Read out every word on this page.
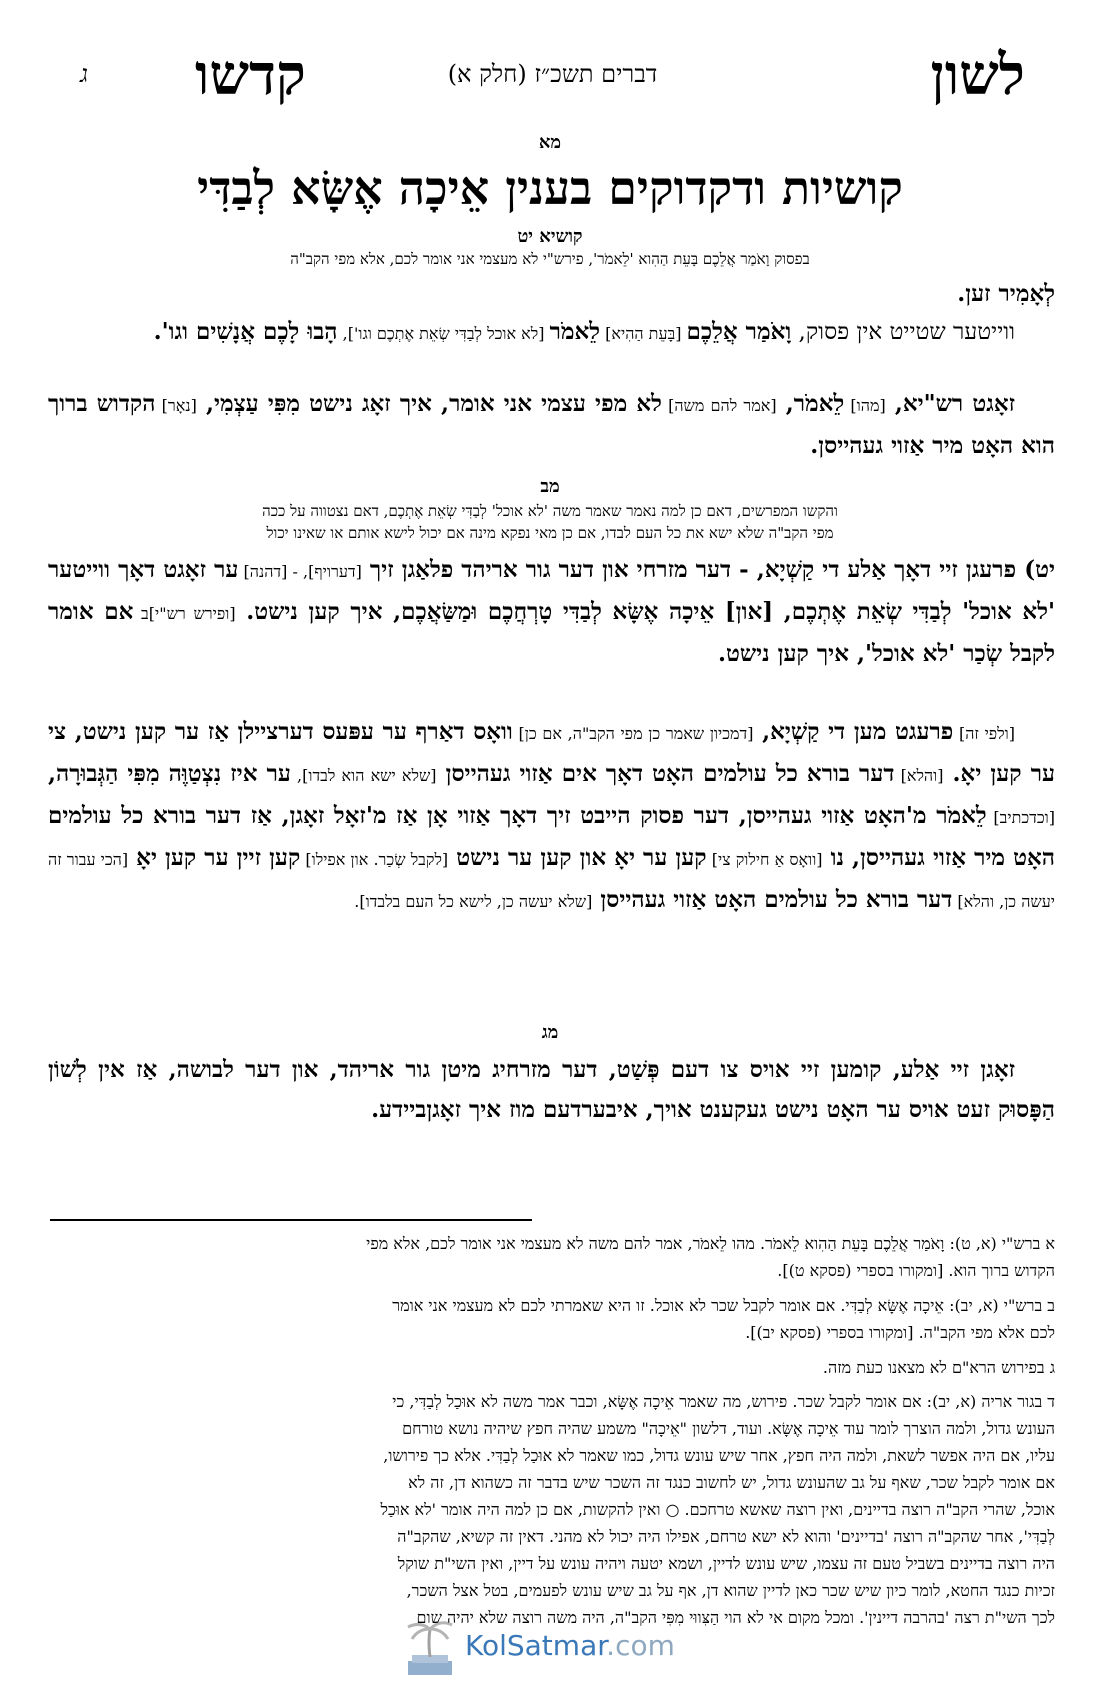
לשון
דברים תשכ״ז (חלק א)
קדשו
ג
מא
קושיות ודקדוקים בענין אֵיכָה אֶשָּׂא לְבַדִּי
קושיא יט
בפסוק וָאֹמַר אֲלֵכֶם בָּעֵת הַהִוא 'לֵאמֹר', פירש"י לא מעצמי אני אומר לכם, אלא מפי הקב"ה
לְאָמִיר זען.
ווייטער שטייט אין פסוק, וָאֹמַר אֲלֵכֶם [בָּעֵת הַהִיא] לֵאמֹר [לא אוכל לְבַדִּי שְׂאֵת אֶתְכֶם וגו'], הָבוּ לָכֶם אֲנָשִׁים וגו'.
זאָגט רש"יא, [מהו] לֵאמֹר, [אמר להם משה] לא מפי עצמי אני אומר, איך זאָג נישט מִפִּי עַצְמִי, [נאָר] הקדוש ברוך הוא האָט מיר אַזוי געהייסן.
מב
והקשו המפרשים, דאם כן למה נאמר שאמר משה 'לא אוכל' לְבַדִּי שְׂאֵת אֶתְכֶם, דאם נצטווה על ככה
מפי הקב"ה שלא ישא את כל העם לבדו, אם כן מאי נפקא מינה אם יכול לישא אותם או שאינו יכול
יט) פרעגן זיי דאָך אַלע די קַשְׁיָא, - דער מזרחי און דער גור אריהד פלאַגן זיך [דערויף], - [דהנה] ער זאָגט דאָך ווייטער 'לא אוכל' לְבַדִּי שְׂאֵת אֶתְכֶם, [און] אֵיכָה אֶשָּׂא לְבַדִּי טָרְחֲכֶם וּמַשַּׂאֲכֶם, איך קען נישט. [ופירש רש"י]ב אם אומר לקבל שְׂכַר 'לא אוכל', איך קען נישט.
[ולפי זה] פרעגט מען די קַשְׁיָא, [דמכיון שאמר כן מפי הקב"ה, אם כן] וואָס דאַרף ער עפּעס דערציילן אַז ער קען נישט, צי ער קען יאָ. [והלא] דער בורא כל עולמים האָט דאָך אים אַזוי געהייסן [שלא ישא הוא לבדו], ער איז נִצְטַוֶּה מִפִּי הַגְּבוּרָה, [וכדכתיב] לֵאמֹר מ'האָט אַזוי געהייסן, דער פסוק הייבט זיך דאָך אַזוי אָן אַז מ'זאָל זאָגן, אַז דער בורא כל עולמים האָט מיר אַזוי געהייסן, נו [וואָס אַ חילוק צי] קען ער יאָ און קען ער נישט [לקבל שְׂכַר. און אפילו] קען זיין ער קען יאָ [הכי עבור זה יעשה כן, והלא] דער בורא כל עולמים האָט אַזוי געהייסן [שלא יעשה כן, לישא כל העם בלבדו].
מג
זאָגן זיי אַלע, קומען זיי אויס צו דעם פְּשַׁט, דער מזרחיג מיטן גור אריהד, און דער לבושה, אַז אין לְשׁוֹן הַפָּסוּק זעט אויס ער האָט נישט געקענט אויך, איבערדעם מוז איך זאָגןביידע.
א ברש"י (א, ט): וָאֹמַר אֲלֵכֶם בָּעֵת הַהִוא לֵאמֹר. מהו לֵאמֹר, אמר להם משה לא מעצמי אני אומר לכם, אלא מפי
הקדוש ברוך הוא. [ומקורו בספרי (פסקא ט)].
ב ברש"י (א, יב): אֵיכָה אֶשָּׂא לְבַדִּי. אם אומר לקבל שכר לא אוכל. זו היא שאמרתי לכם לא מעצמי אני אומר
לכם אלא מפי הקב"ה. [ומקורו בספרי (פסקא יב)].
ג בפירוש הרא"ם לא מצאנו כעת מזה.
ד בגור אריה (א, יב): אם אומר לקבל שכר. פירוש, מה שאמר אֵיכָה אֶשָּׂא, וכבר אמר משה לא אוּכַל לְבַדִּי, כי
העונש גדול, ולמה הוצרך לומר עוד אֵיכָה אֶשָּׂא. ועוד, דלשון "אֵיכָה" משמע שהיה חפץ שיהיה נושא טורחם
עליו, אם היה אפשר לשאת, ולמה היה חפץ, אחר שיש עונש גדול, כמו שאמר לא אוּכַל לְבַדִּי. אלא כך פירושו,
אם אומר לקבל שכר, שאף על גב שהעונש גדול, יש לחשוב כנגד זה השכר שיש בדבר זה כשהוא דן, זה לא
אוכל, שהרי הקב"ה רוצה בדיינים, ואין רוצה שאשא טרחכם. ○ ואין להקשות, אם כן למה היה אומר 'לא אוּכַל
לְבַדִּי', אחר שהקב"ה רוצה 'בדיינים' והוא לא ישא טרחם, אפילו היה יכול לא מהני. דאין זה קשיא, שהקב"ה
היה רוצה בדיינים בשביל טעם זה עצמו, שיש עונש לדיין, ושמא יטעה ויהיה עונש על דיין, ואין השי"ת שוקל
זכיות כנגד החטא, לומר כיון שיש שכר כאן לדיין שהוא דן, אף על גב שיש עונש לפעמים, בטל אצל השכר,
לכך השי"ת רצה 'בהרבה דיינין'. ומכל מקום אי לא הוי הַצִּווּי מִפִּי הקב"ה, היה משה רוצה שלא יהיה שום
KolSatmar.com
